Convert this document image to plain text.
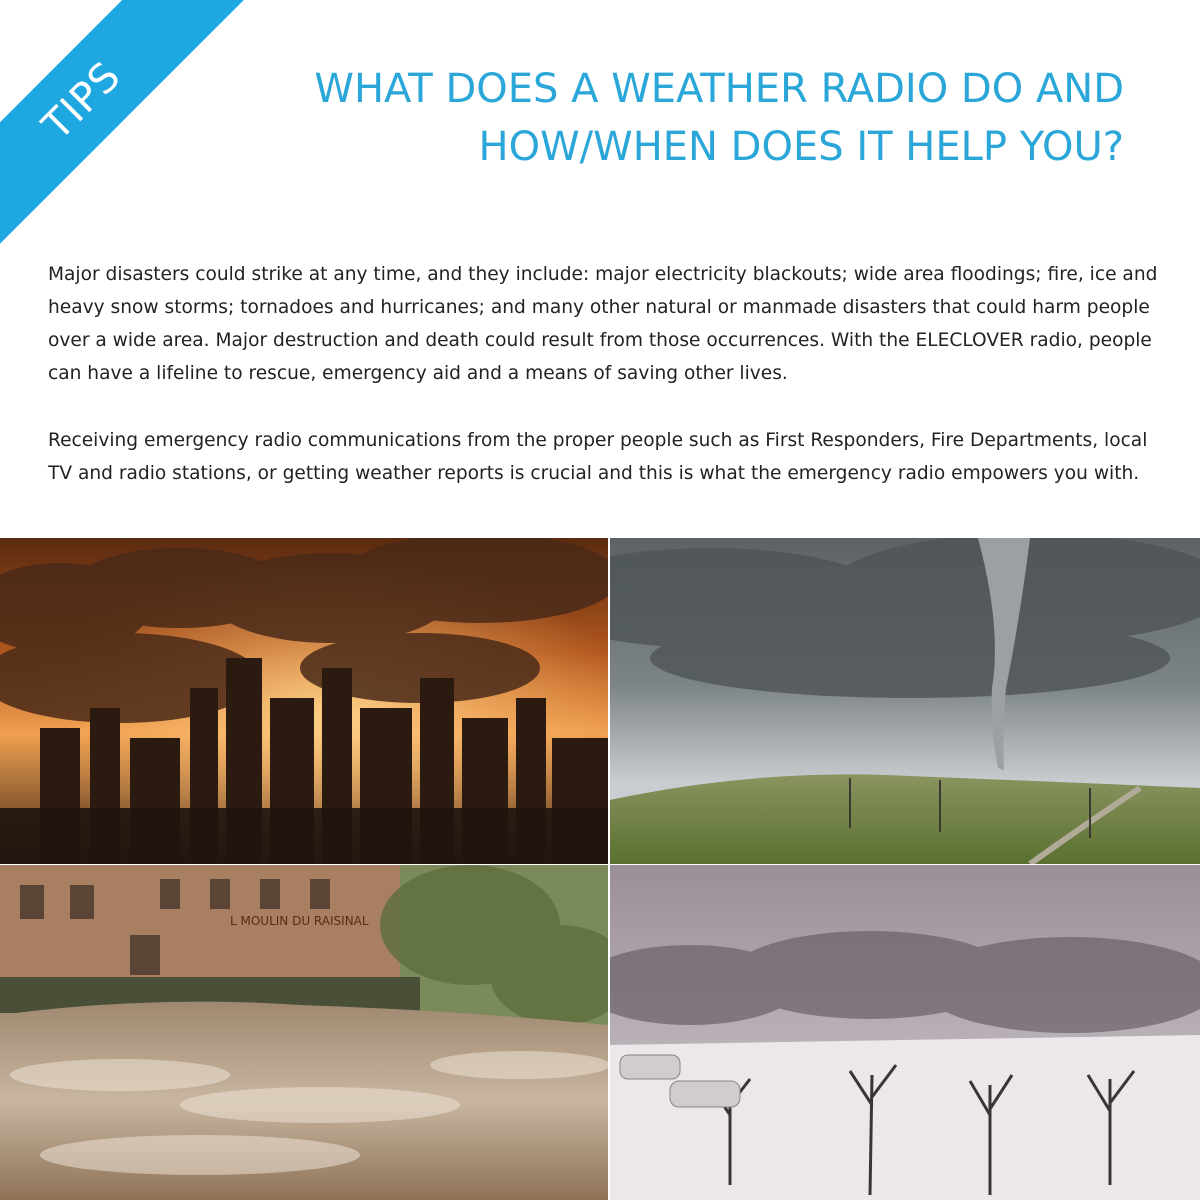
TIPS	WHAT DOES A WEATHER RADIO DO AND
HOW/WHEN DOES IT HELP YOU?

Major disasters could strike at any time, and they include: major electricity blackouts; wide area floodings; fire, ice and heavy snow storms; tornadoes and hurricanes; and many other natural or manmade disasters that could harm people over a wide area. Major destruction and death could result from those occurrences. With the ELECLOVER radio, people can have a lifeline to rescue, emergency aid and a means of saving other lives.

Receiving emergency radio communications from the proper people such as First Responders, Fire Departments, local TV and radio stations, or getting weather reports is crucial and this is what the emergency radio empowers you with.

L MOULIN DU RAISINAL
